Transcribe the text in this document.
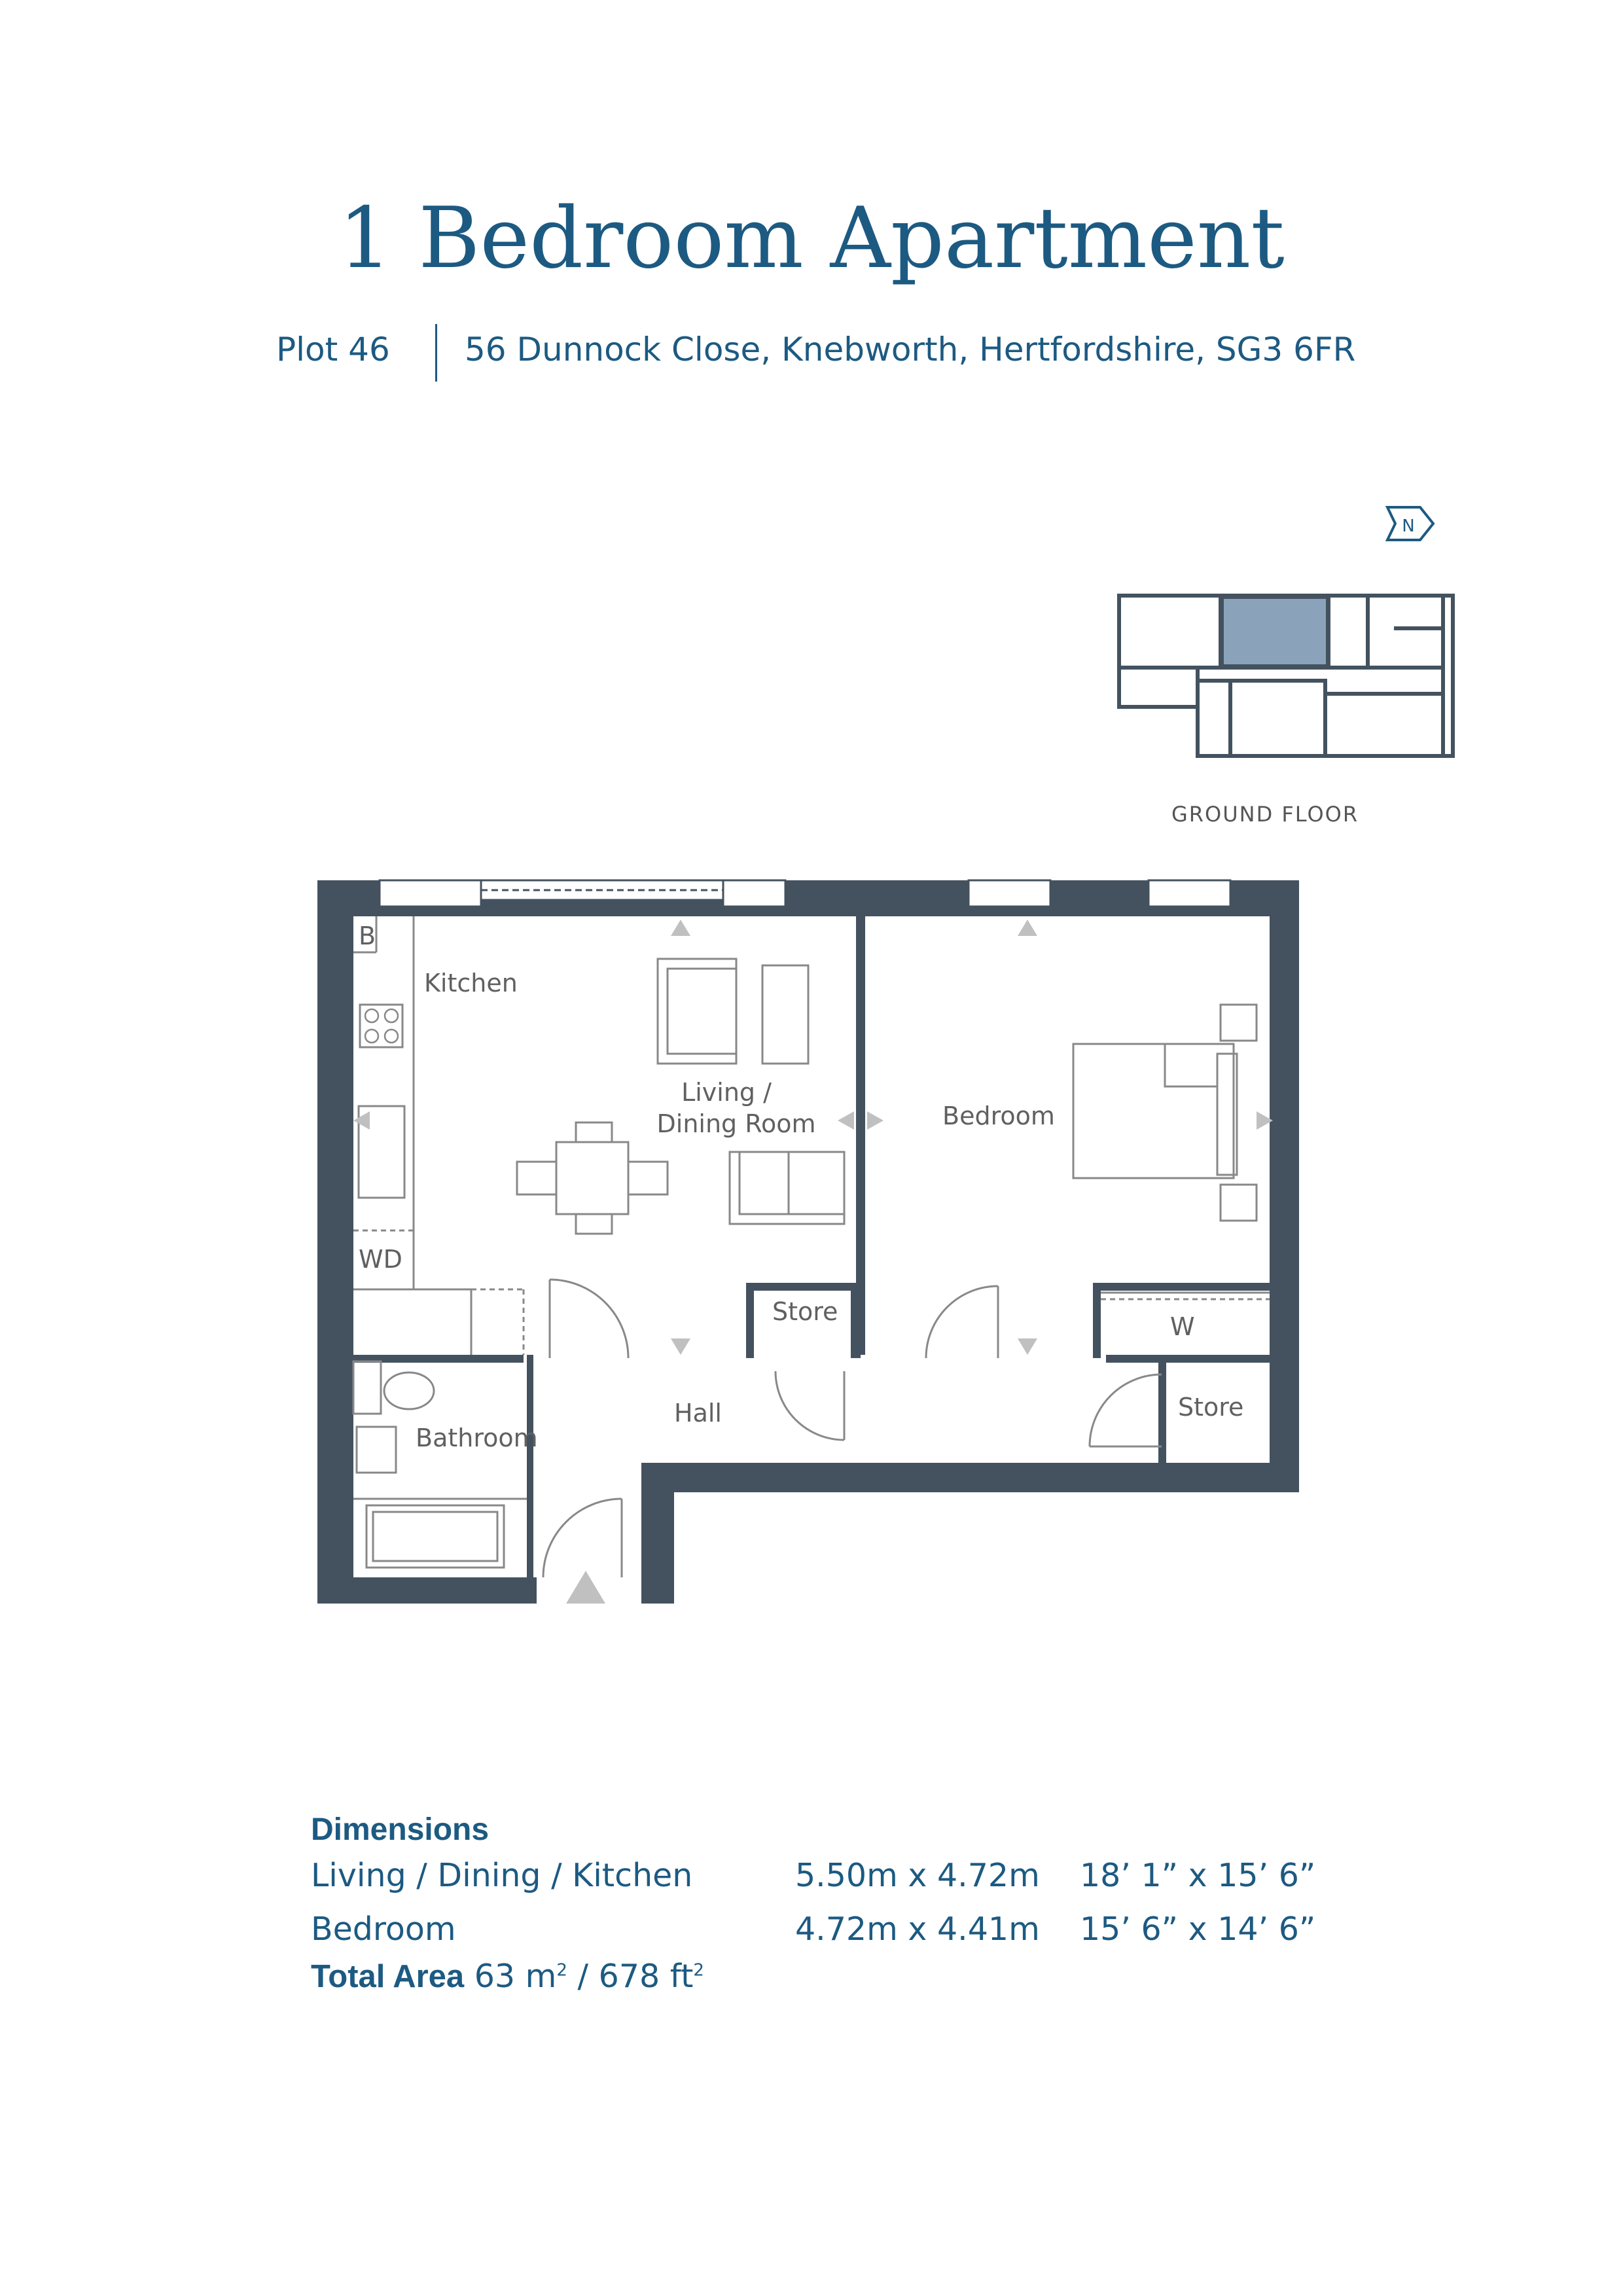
1 Bedroom Apartment
Plot 46 56 Dunnock Close, Knebworth, Hertfordshire, SG3 6FR
N
B
Kitchen
Living /
Dining Room	Bedroom
WD
Store
W
Hall
Bathroom
Store
GROUND FLOOR
Dimensions
Living / Dining / Kitchen	5.50m x 4.72m 18’ 1” x 15’ 6”
Bedroom	4.72m x 4.41m 15’ 6” x 14’ 6”
Total Area 63 $m^2 / 678$ $ft^2$
